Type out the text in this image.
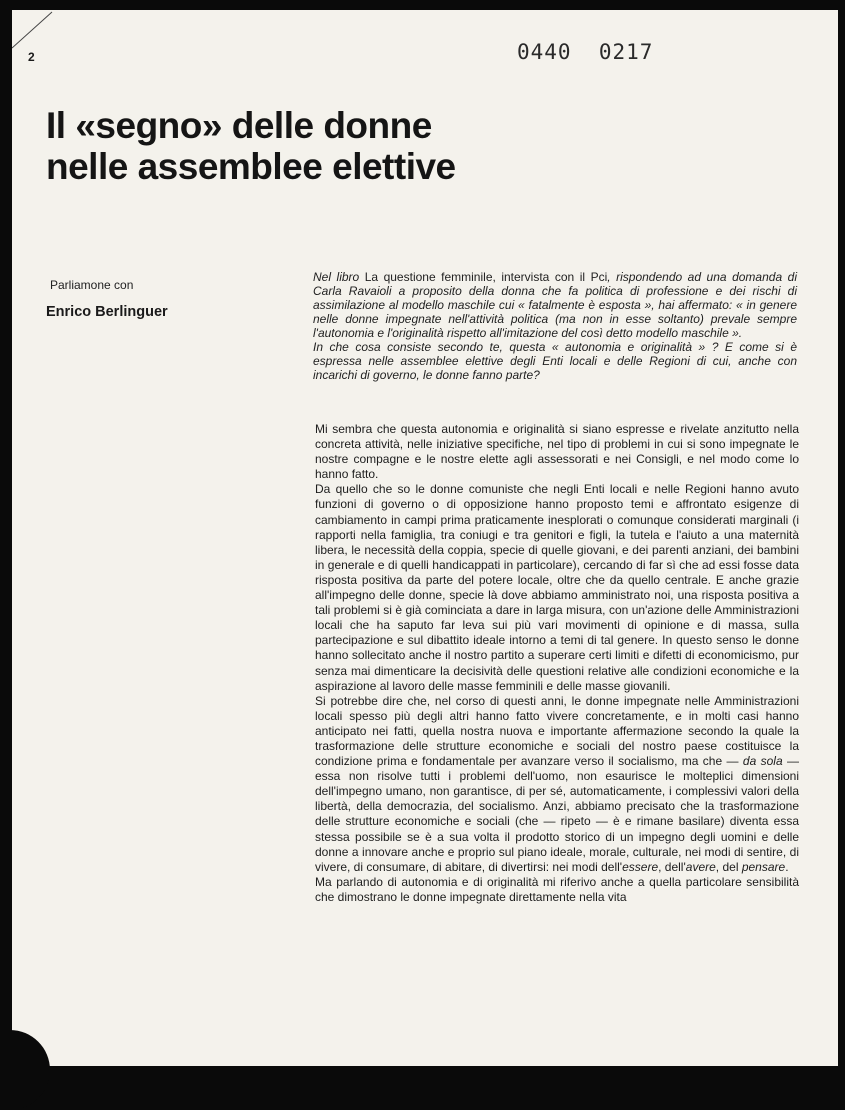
2	0440  0217
Il «segno» delle donne
nelle assemblee elettive
Parliamone con
Enrico Berlinguer

Nel libro La questione femminile, intervista con il Pci, rispondendo ad una domanda di Carla Ravaioli a proposito della donna che fa politica di professione e dei rischi di assimilazione al modello maschile cui « fatalmente è esposta », hai affermato: « in genere nelle donne impegnate nell'attività politica (ma non in esse soltanto) prevale sempre l'autonomia e l'originalità rispetto all'imitazione del così detto modello maschile ».

In che cosa consiste secondo te, questa « autonomia e originalità » ? E come si è espressa nelle assemblee elettive degli Enti locali e delle Regioni di cui, anche con incarichi di governo, le donne fanno parte?

Mi sembra che questa autonomia e originalità si siano espresse e rivelate anzitutto nella concreta attività, nelle iniziative specifiche, nel tipo di problemi in cui si sono impegnate le nostre compagne e le nostre elette agli assessorati e nei Consigli, e nel modo come lo hanno fatto.

Da quello che so le donne comuniste che negli Enti locali e nelle Regioni hanno avuto funzioni di governo o di opposizione hanno proposto temi e affrontato esigenze di cambiamento in campi prima praticamente inesplorati o comunque considerati marginali (i rapporti nella famiglia, tra coniugi e tra genitori e figli, la tutela e l'aiuto a una maternità libera, le necessità della coppia, specie di quelle giovani, e dei parenti anziani, dei bambini in generale e di quelli handicappati in particolare), cercando di far sì che ad essi fosse data risposta positiva da parte del potere locale, oltre che da quello centrale. E anche grazie all'impegno delle donne, specie là dove abbiamo amministrato noi, una risposta positiva a tali problemi si è già cominciata a dare in larga misura, con un'azione delle Amministrazioni locali che ha saputo far leva sui più vari movimenti di opinione e di massa, sulla partecipazione e sul dibattito ideale intorno a temi di tal genere. In questo senso le donne hanno sollecitato anche il nostro partito a superare certi limiti e difetti di economicismo, pur senza mai dimenticare la decisività delle questioni relative alle condizioni economiche e la aspirazione al lavoro delle masse femminili e delle masse giovanili.

Si potrebbe dire che, nel corso di questi anni, le donne impegnate nelle Amministrazioni locali spesso più degli altri hanno fatto vivere concretamente, e in molti casi hanno anticipato nei fatti, quella nostra nuova e importante affermazione secondo la quale la trasformazione delle strutture economiche e sociali del nostro paese costituisce la condizione prima e fondamentale per avanzare verso il socialismo, ma che — da sola — essa non risolve tutti i problemi dell'uomo, non esaurisce le molteplici dimensioni dell'impegno umano, non garantisce, di per sé, automaticamente, i complessivi valori della libertà, della democrazia, del socialismo. Anzi, abbiamo precisato che la trasformazione delle strutture economiche e sociali (che — ripeto — è e rimane basilare) diventa essa stessa possibile se è a sua volta il prodotto storico di un impegno degli uomini e delle donne a innovare anche e proprio sul piano ideale, morale, culturale, nei modi di sentire, di vivere, di consumare, di abitare, di divertirsi: nei modi dell'essere, dell'avere, del pensare.

Ma parlando di autonomia e di originalità mi riferivo anche a quella particolare sensibilità che dimostrano le donne impegnate direttamente nella vita
